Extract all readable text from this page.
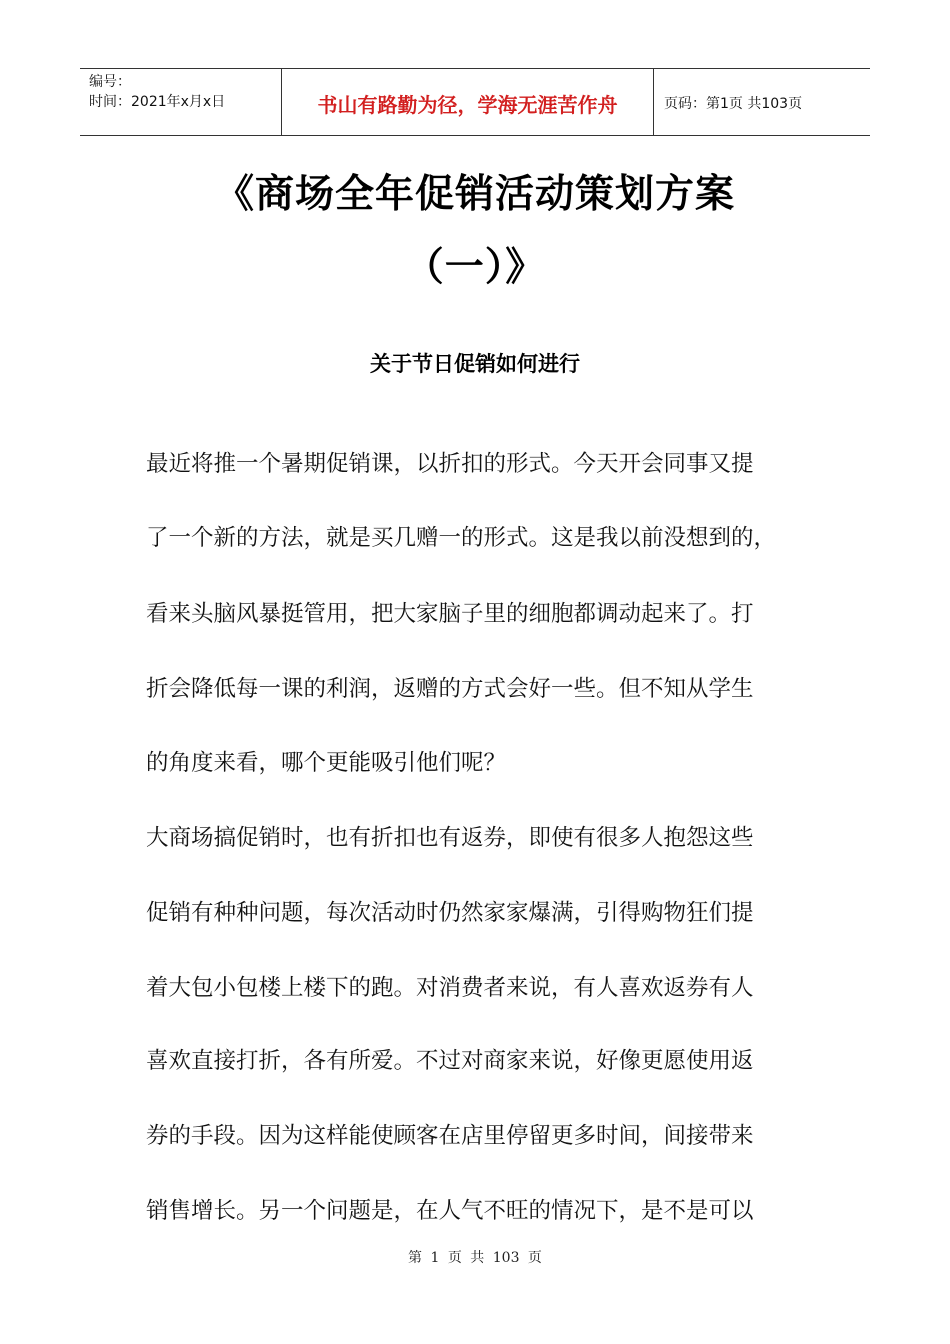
编号：
时间：2021年x月x日	书山有路勤为径，学海无涯苦作舟	页码：第1页 共103页
《商场全年促销活动策划方案
（一）》
关于节日促销如何进行
最近将推一个暑期促销课，以折扣的形式。今天开会同事又提
了一个新的方法，就是买几赠一的形式。这是我以前没想到的，
看来头脑风暴挺管用，把大家脑子里的细胞都调动起来了。打
折会降低每一课的利润，返赠的方式会好一些。但不知从学生
的角度来看，哪个更能吸引他们呢？
大商场搞促销时，也有折扣也有返券，即使有很多人抱怨这些
促销有种种问题，每次活动时仍然家家爆满，引得购物狂们提
着大包小包楼上楼下的跑。对消费者来说，有人喜欢返券有人
喜欢直接打折，各有所爱。不过对商家来说，好像更愿使用返
券的手段。因为这样能使顾客在店里停留更多时间，间接带来
销售增长。另一个问题是，在人气不旺的情况下，是不是可以
第 1 页 共 103 页
